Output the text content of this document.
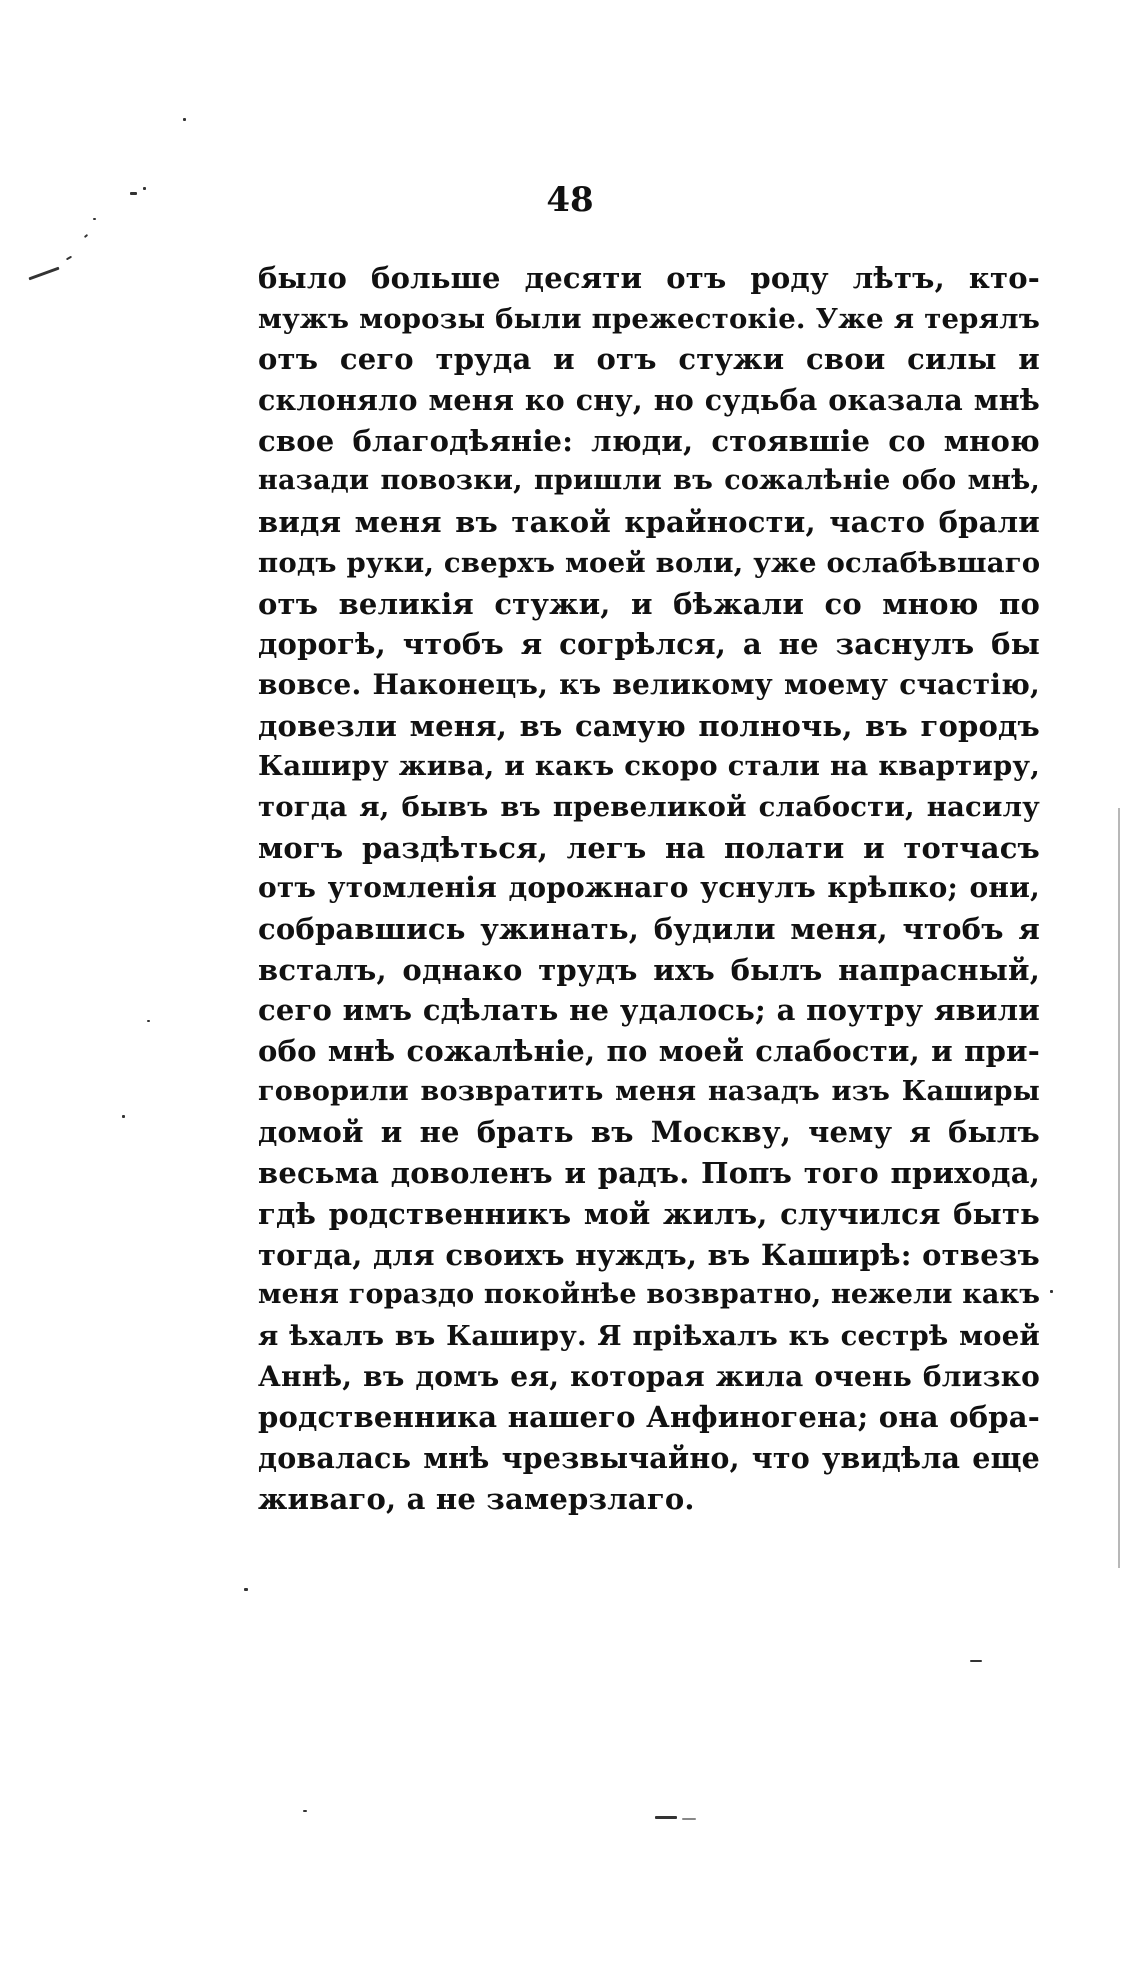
48
было больше десяти отъ роду лѣтъ, кто-
мужъ морозы были прежестокіе. Уже я терялъ
отъ сего труда и отъ стужи свои силы и
склоняло меня ко сну, но судьба оказала мнѣ
свое благодѣяніе: люди, стоявшіе со мною
назади повозки, пришли въ сожалѣніе обо мнѣ,
видя меня въ такой крайности, часто брали
подъ руки, сверхъ моей воли, уже ослабѣвшаго
отъ великія стужи, и бѣжали со мною по
дорогѣ, чтобъ я согрѣлся, а не заснулъ бы
вовсе. Наконецъ, къ великому моему счастію,
довезли меня, въ самую полночь, въ городъ
Каширу жива, и какъ скоро стали на квартиру,
тогда я, бывъ въ превеликой слабости, насилу
могъ раздѣться, легъ на полати и тотчасъ
отъ утомленія дорожнаго уснулъ крѣпко; они,
собравшись ужинать, будили меня, чтобъ я
всталъ, однако трудъ ихъ былъ напрасный,
сего имъ сдѣлать не удалось; а поутру явили
обо мнѣ сожалѣніе, по моей слабости, и при-
говорили возвратить меня назадъ изъ Каширы
домой и не брать въ Москву, чему я былъ
весьма доволенъ и радъ. Попъ того прихода,
гдѣ родственникъ мой жилъ, случился быть
тогда, для своихъ нуждъ, въ Каширѣ: отвезъ
меня гораздо покойнѣе возвратно, нежели какъ
я ѣхалъ въ Каширу. Я пріѣхалъ къ сестрѣ моей
Аннѣ, въ домъ ея, которая жила очень близко
родственника нашего Анфиногена; она обра-
довалась мнѣ чрезвычайно, что увидѣла еще
живаго, а не замерзлаго.
